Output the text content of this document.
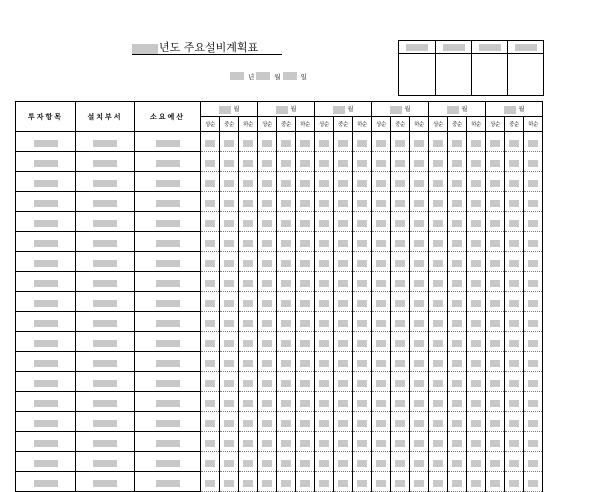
년도 주요설비계획표
년	월	일
투자항목	설치부서	소요예산	월			월			월			월			월			월		
			상순	중순	하순	상순	중순	하순	상순	중순	하순	상순	중순	하순	상순	중순	하순	상순	중순	하순
